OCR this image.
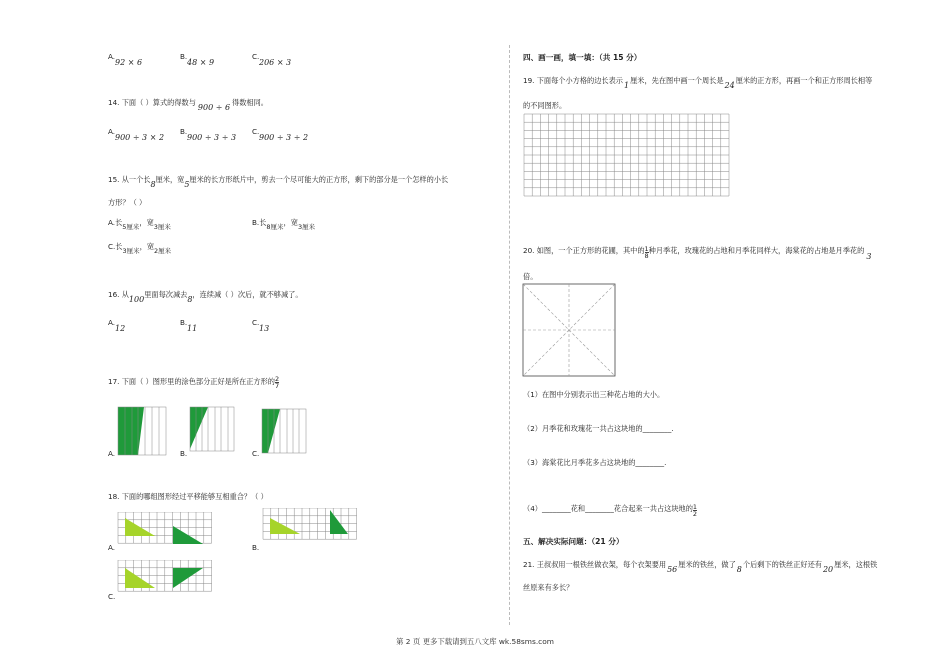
A.
92 × 6
B.
48 × 9
C.
206 × 3
14. 下面（ ）算式的得数与900 ÷ 6得数相同。
A.
900 ÷ 3 × 2
B.
900 ÷ 3 ÷ 3
C.
900 ÷ 3 ÷ 2
15. 从一个长8厘米，宽5厘米的长方形纸片中，剪去一个尽可能大的正方形，剩下的部分是一个怎样的小长
方形？（ ）
A.长5厘米，宽3厘米	B.长8厘米，宽3厘米
C.长3厘米，宽2厘米
16. 从100里面每次减去8，连续减（ ）次后，就不够减了。
A.
12
B.
11
C.
13
17. 下面（ ）图形里的涂色部分正好是所在正方形的 $\frac{2}{7}$
A.	B.	C.
18. 下面的哪组图形经过平移能够互相重合？（ ）
A.	B.
C.
四、画一画，填一填：（共 15 分）
19. 下面每个小方格的边长表示1厘米，先在图中画一个周长是24厘米的正方形，再画一个和正方形周长相等
的不同图形。
20. 如图，一个正方形的花圃，其中的 $\frac{1}{8}$ 种月季花，玫瑰花的占地和月季花同样大，海棠花的占地是月季花的3
倍。
（1）在图中分别表示出三种花占地的大小。
（2）月季花和玫瑰花一共占这块地的________.
（3）海棠花比月季花多占这块地的________.
（4）________花和________花合起来一共占这块地的 $\frac{1}{2}$
五、解决实际问题：（21 分）
21. 王叔叔用一根铁丝做衣架，每个衣架要用56厘米的铁丝，做了8个后剩下的铁丝正好还有20厘米，这根铁
丝原来有多长？
第 2 页 更多下载请到五八文库 wk.58sms.com
